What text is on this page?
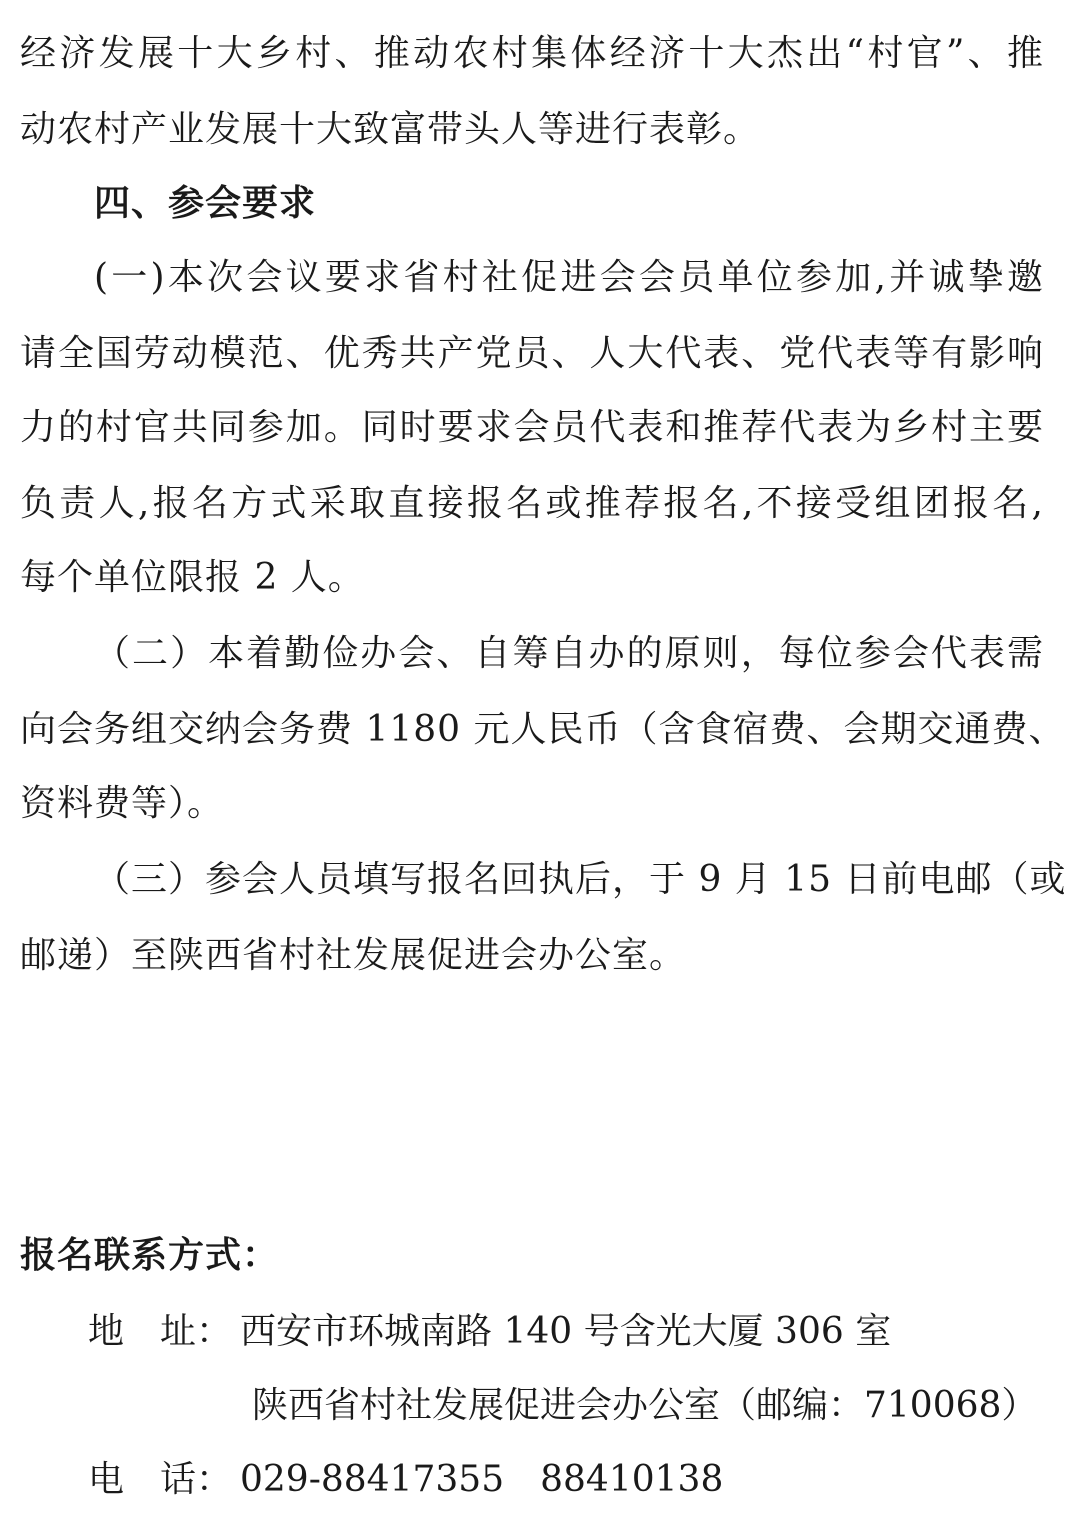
经济发展十大乡村、推动农村集体经济十大杰出“村官”、推
动农村产业发展十大致富带头人等进行表彰。
四、参会要求
(一)本次会议要求省村社促进会会员单位参加,并诚挚邀
请全国劳动模范、优秀共产党员、人大代表、党代表等有影响
力的村官共同参加。同时要求会员代表和推荐代表为乡村主要
负责人,报名方式采取直接报名或推荐报名,不接受组团报名,
每个单位限报 2 人。
（二）本着勤俭办会、自筹自办的原则，每位参会代表需
向会务组交纳会务费 1180 元人民币（含食宿费、会期交通费、
资料费等）。
（三）参会人员填写报名回执后，于 9 月 15 日前电邮（或
邮递）至陕西省村社发展促进会办公室。
报名联系方式：
地　址： 西安市环城南路 140 号含光大厦 306 室
陕西省村社发展促进会办公室（邮编：710068）
电　话： 029-88417355　88410138
